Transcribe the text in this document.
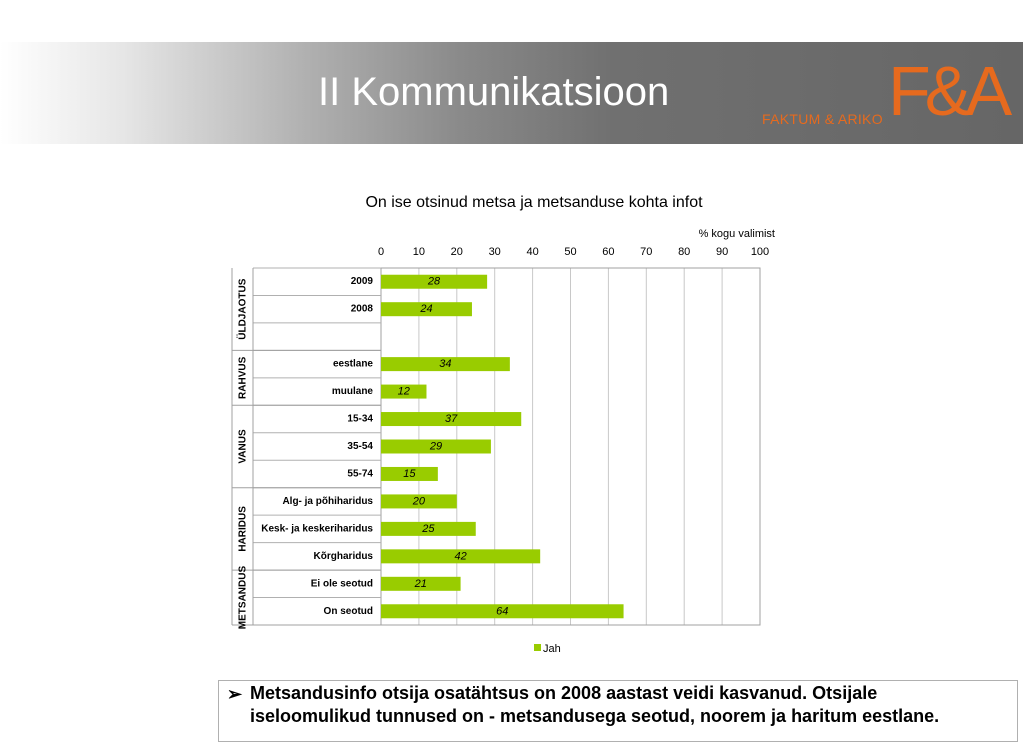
II Kommunikatsioon
FAKTUM & ARIKO F&A
On ise otsinud metsa ja metsanduse kohta infot
% kogu valimist
0	10 20 30 40 50 60 70 80 90 100
ÜLDJAOTUS
RAHVUS
VANUS
HARIDUS
METSANDUS
2009	28
2008	24
eestlane	34
muulane 12
15-34	37
35-54	29
55-74	15
Alg- ja põhiharidus	20
Kesk- ja keskeriharidus	25
Kõrgharidus	42
Ei ole seotud	21
On seotud	64
Jah
➢ Metsandusinfo otsija osatähtsus on 2008 aastast veidi kasvanud. Otsijale
iseloomulikud tunnused on - metsandusega seotud, noorem ja haritum eestlane.
